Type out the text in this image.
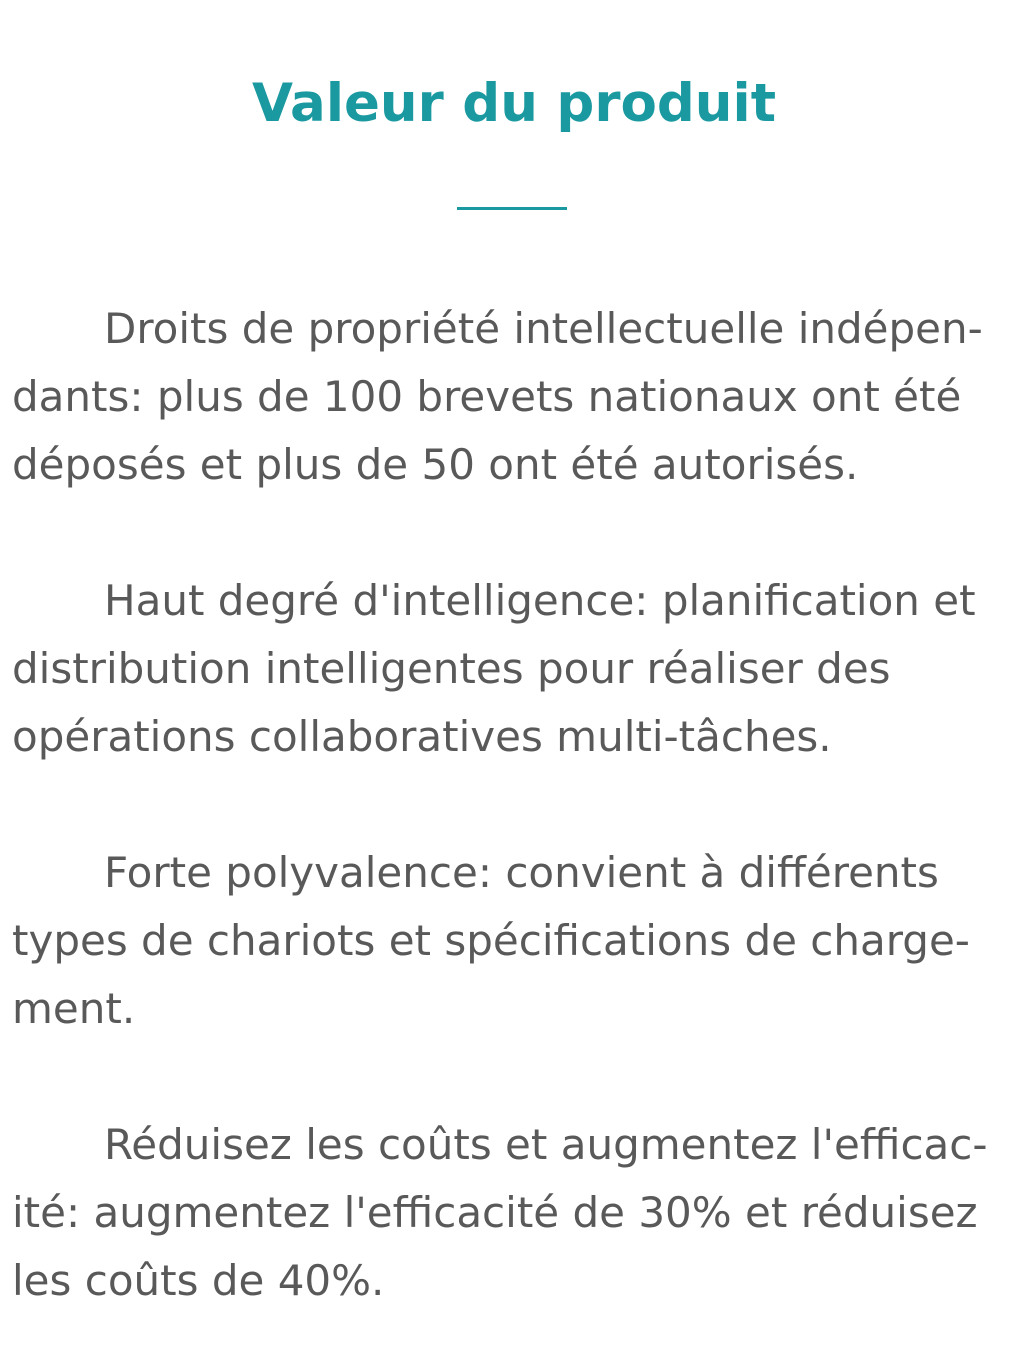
Valeur du produit

Droits de propriété intellectuelle indépen-dants: plus de 100 brevets nationaux ont été déposés et plus de 50 ont été autorisés.

Haut degré d'intelligence: planification et distribution intelligentes pour réaliser des opérations collaboratives multi-tâches.

Forte polyvalence: convient à différents types de chariots et spécifications de charge-ment.

Réduisez les coûts et augmentez l'efficac-ité: augmentez l'efficacité de 30% et réduisez les coûts de 40%.
